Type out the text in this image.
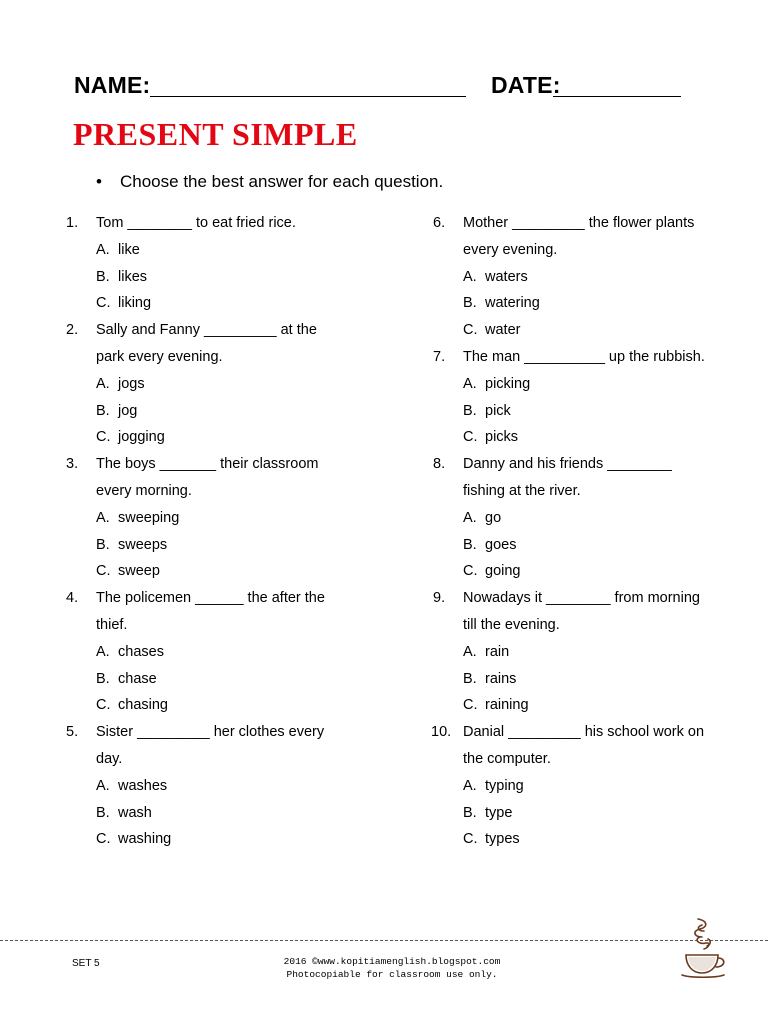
NAME:	DATE:
PRESENT SIMPLE
• Choose the best answer for each question.
1.	Tom ________ to eat fried rice.
A. like
B. likes
C. liking
2.	Sally and Fanny _________ at the
park every evening.
A. jogs
B. jog
C. jogging
3.	The boys _______ their classroom
every morning.
A. sweeping
B. sweeps
C. sweep
4.	The policemen ______ the after the
thief.
A. chases
B. chase
C. chasing
5.	Sister _________ her clothes every
day.
A. washes
B. wash
C. washing
6.	Mother _________ the flower plants
every evening.
A. waters
B. watering
C. water
7.	The man __________ up the rubbish.
A. picking
B. pick
C. picks
8.	Danny and his friends ________
fishing at the river.
A. go
B. goes
C. going
9.	Nowadays it ________ from morning
till the evening.
A. rain
B. rains
C. raining
10. Danial _________ his school work on
the computer.
A. typing
B. type
C. types
SET 5	2016 ©www.kopitiamenglish.blogspot.com
Photocopiable for classroom use only.
